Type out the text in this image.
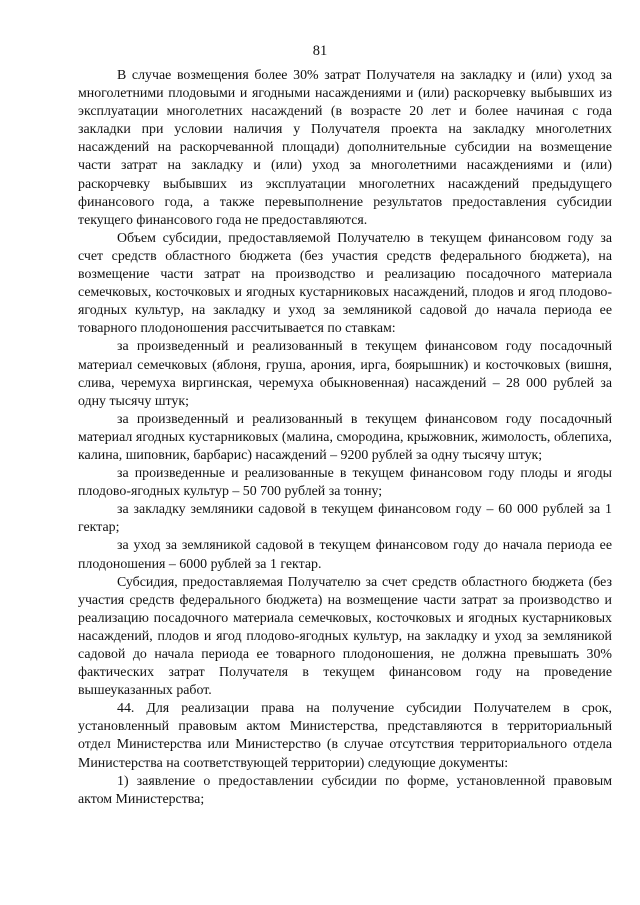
81

В случае возмещения более 30% затрат Получателя на закладку и (или) уход за многолетними плодовыми и ягодными насаждениями и (или) раскорчевку выбывших из эксплуатации многолетних насаждений (в возрасте 20 лет и более начиная с года закладки при условии наличия у Получателя проекта на закладку многолетних насаждений на раскорчеванной площади) дополнительные субсидии на возмещение части затрат на закладку и (или) уход за многолетними насаждениями и (или) раскорчевку выбывших из эксплуатации многолетних насаждений предыдущего финансового года, а также перевыполнение результатов предоставления субсидии текущего финансового года не предоставляются.

Объем субсидии, предоставляемой Получателю в текущем финансовом году за счет средств областного бюджета (без участия средств федерального бюджета), на возмещение части затрат на производство и реализацию посадочного материала семечковых, косточковых и ягодных кустарниковых насаждений, плодов и ягод плодово-ягодных культур, на закладку и уход за земляникой садовой до начала периода ее товарного плодоношения рассчитывается по ставкам:

за произведенный и реализованный в текущем финансовом году посадочный материал семечковых (яблоня, груша, арония, ирга, боярышник) и косточковых (вишня, слива, черемуха виргинская, черемуха обыкновенная) насаждений – 28 000 рублей за одну тысячу штук;

за произведенный и реализованный в текущем финансовом году посадочный материал ягодных кустарниковых (малина, смородина, крыжовник, жимолость, облепиха, калина, шиповник, барбарис) насаждений – 9200 рублей за одну тысячу штук;

за произведенные и реализованные в текущем финансовом году плоды и ягоды плодово-ягодных культур – 50 700 рублей за тонну;

за закладку земляники садовой в текущем финансовом году – 60 000 рублей за 1 гектар;

за уход за земляникой садовой в текущем финансовом году до начала периода ее плодоношения – 6000 рублей за 1 гектар.

Субсидия, предоставляемая Получателю за счет средств областного бюджета (без участия средств федерального бюджета) на возмещение части затрат за производство и реализацию посадочного материала семечковых, косточковых и ягодных кустарниковых насаждений, плодов и ягод плодово-ягодных культур, на закладку и уход за земляникой садовой до начала периода ее товарного плодоношения, не должна превышать 30% фактических затрат Получателя в текущем финансовом году на проведение вышеуказанных работ.

44. Для реализации права на получение субсидии Получателем в срок, установленный правовым актом Министерства, представляются в территориальный отдел Министерства или Министерство (в случае отсутствия территориального отдела Министерства на соответствующей территории) следующие документы:

1) заявление о предоставлении субсидии по форме, установленной правовым актом Министерства;
